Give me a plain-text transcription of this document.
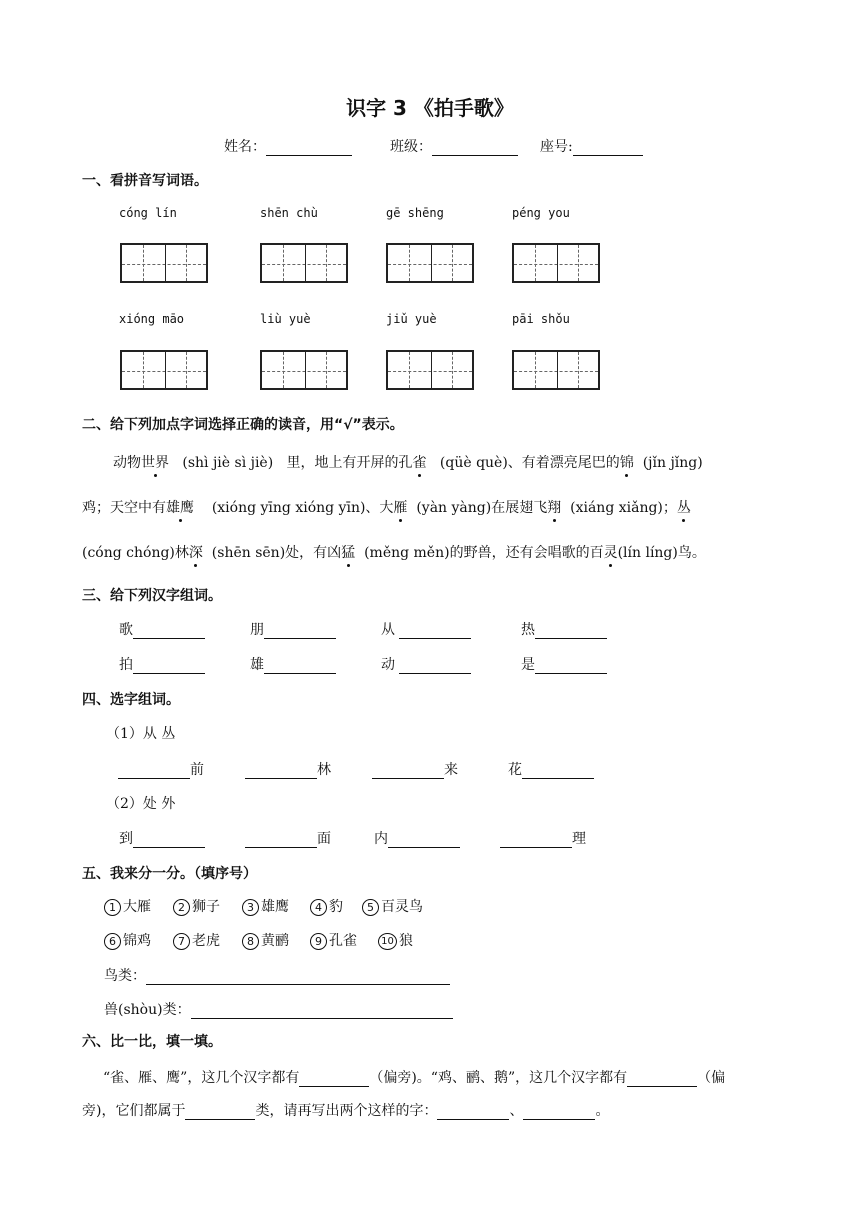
识字 3 《拍手歌》
姓名：	班级：	座号:
一、看拼音写词语。
cóng lín	shēn chù	gē shēng	péng you
xióng māo	liù yuè	jiǔ yuè	pāi shǒu
二、给下列加点字词选择正确的读音，用“√”表示。
动物世界 (shì jiè sì jiè) 里，地上有开屏的孔雀 (qüè què)、有着漂亮尾巴的锦 (jǐn jǐng)
鸡；天空中有雄鹰 (xióng yīng xióng yīn)、大雁 (yàn yàng)在展翅飞翔 (xiáng xiǎng)；丛
(cóng chóng)林深 (shēn sēn)处，有凶猛 (měng měn)的野兽，还有会唱歌的百灵(lín líng)鸟。
三、给下列汉字组词。
歌	朋	从	热
拍	雄	动	是
四、选字组词。
（1）从 丛
前	林	来	花
（2）处 外
到	面	内	理
五、我来分一分。（填序号）
1 大雁	2 狮子	3 雄鹰	4 豹	5 百灵鸟
6 锦鸡	7 老虎	8 黄鹂	9 孔雀	10 狼
鸟类：
兽(shòu)类：
六、比一比，填一填。
“雀、雁、鹰”，这几个汉字都有	（偏旁)。“鸡、鹂、鹅”，这几个汉字都有	（偏
旁)，它们都属于	类，请再写出两个这样的字：	、	。
